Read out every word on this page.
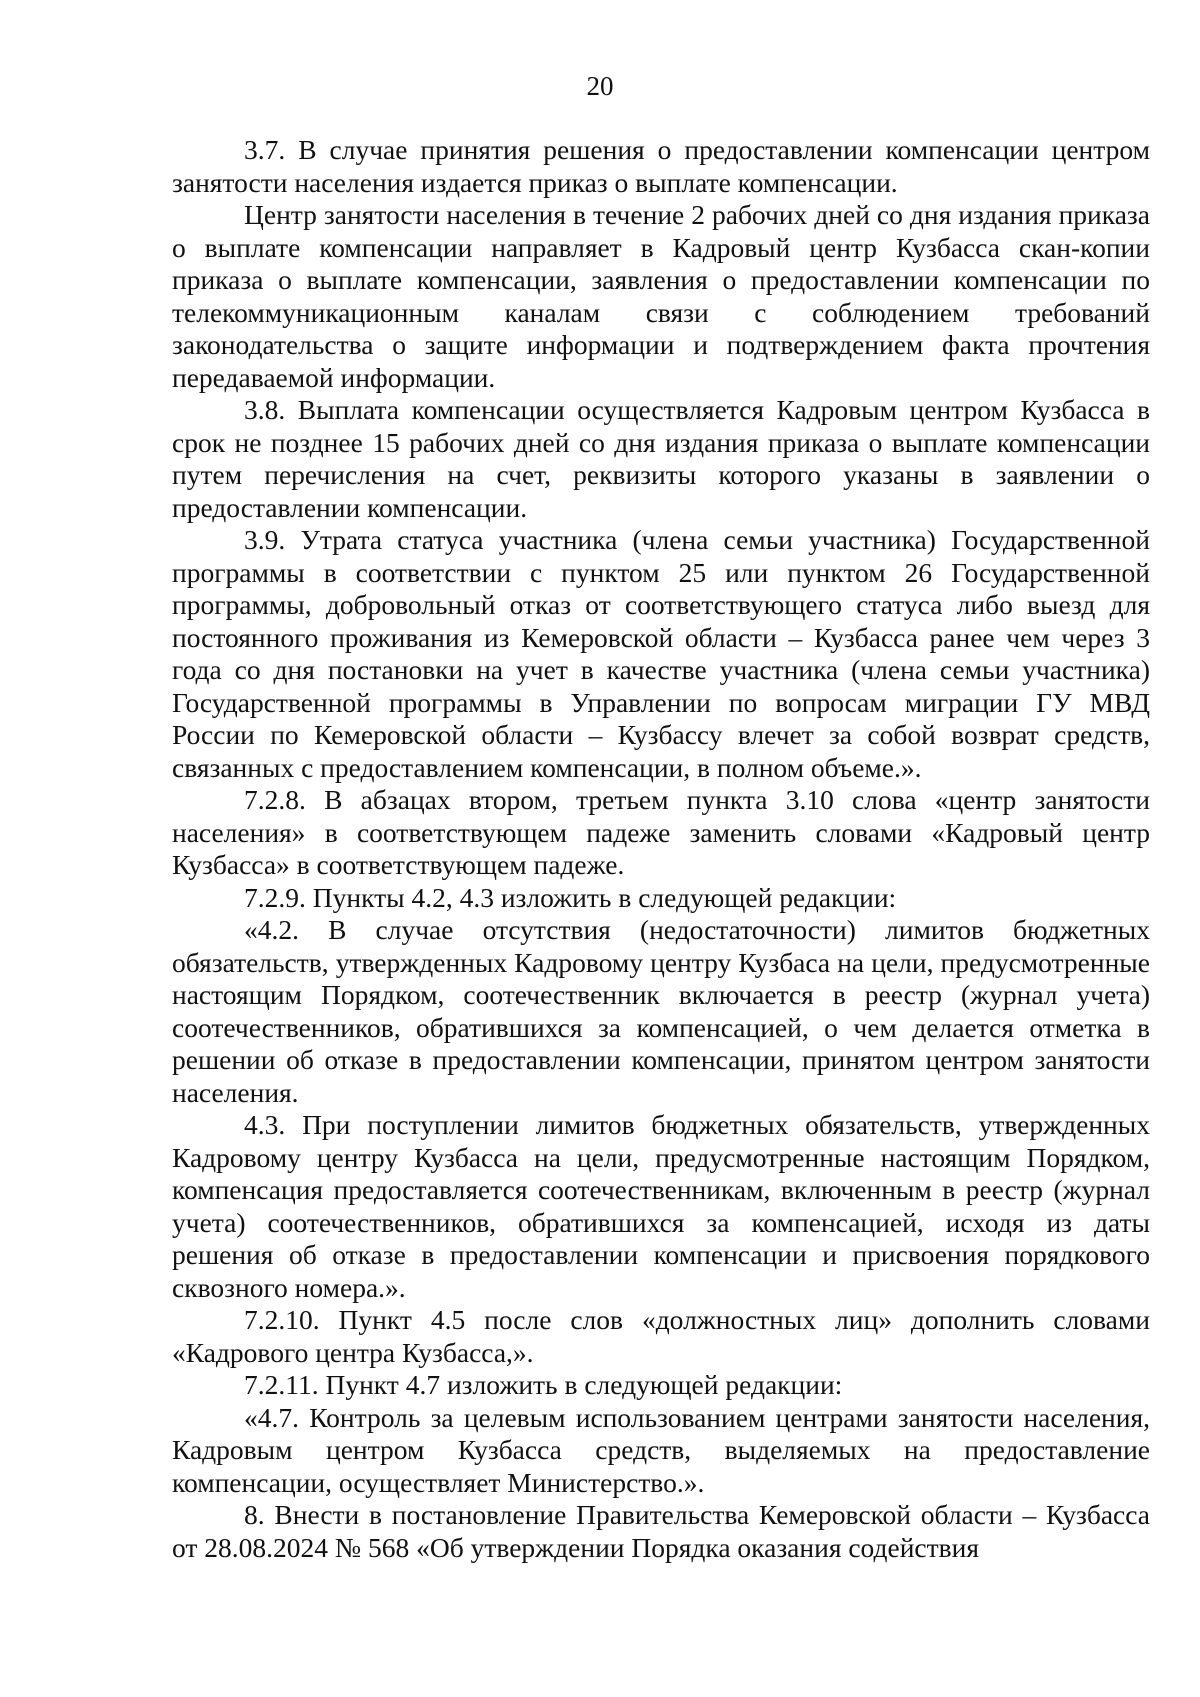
20

3.7. В случае принятия решения о предоставлении компенсации центром занятости населения издается приказ о выплате компенсации.

Центр занятости населения в течение 2 рабочих дней со дня издания приказа о выплате компенсации направляет в Кадровый центр Кузбасса скан-копии приказа о выплате компенсации, заявления о предоставлении компенсации по телекоммуникационным каналам связи с соблюдением требований законодательства о защите информации и подтверждением факта прочтения передаваемой информации.

3.8. Выплата компенсации осуществляется Кадровым центром Кузбасса в срок не позднее 15 рабочих дней со дня издания приказа о выплате компенсации путем перечисления на счет, реквизиты которого указаны в заявлении о предоставлении компенсации.

3.9. Утрата статуса участника (члена семьи участника) Государственной программы в соответствии с пунктом 25 или пунктом 26 Государственной программы, добровольный отказ от соответствующего статуса либо выезд для постоянного проживания из Кемеровской области – Кузбасса ранее чем через 3 года со дня постановки на учет в качестве участника (члена семьи участника) Государственной программы в Управлении по вопросам миграции ГУ МВД России по Кемеровской области – Кузбассу влечет за собой возврат средств, связанных с предоставлением компенсации, в полном объеме.».

7.2.8. В абзацах втором, третьем пункта 3.10 слова «центр занятости населения» в соответствующем падеже заменить словами «Кадровый центр Кузбасса» в соответствующем падеже.

7.2.9. Пункты 4.2, 4.3 изложить в следующей редакции:

«4.2. В случае отсутствия (недостаточности) лимитов бюджетных обязательств, утвержденных Кадровому центру Кузбаса на цели, предусмотренные настоящим Порядком, соотечественник включается в реестр (журнал учета) соотечественников, обратившихся за компенсацией, о чем делается отметка в решении об отказе в предоставлении компенсации, принятом центром занятости населения.

4.3. При поступлении лимитов бюджетных обязательств, утвержденных Кадровому центру Кузбасса на цели, предусмотренные настоящим Порядком, компенсация предоставляется соотечественникам, включенным в реестр (журнал учета) соотечественников, обратившихся за компенсацией, исходя из даты решения об отказе в предоставлении компенсации и присвоения порядкового сквозного номера.».

7.2.10. Пункт 4.5 после слов «должностных лиц» дополнить словами «Кадрового центра Кузбасса,».

7.2.11. Пункт 4.7 изложить в следующей редакции:

«4.7. Контроль за целевым использованием центрами занятости населения, Кадровым центром Кузбасса средств, выделяемых на предоставление компенсации, осуществляет Министерство.».

8. Внести в постановление Правительства Кемеровской области – Кузбасса от 28.08.2024 № 568 «Об утверждении Порядка оказания содействия
